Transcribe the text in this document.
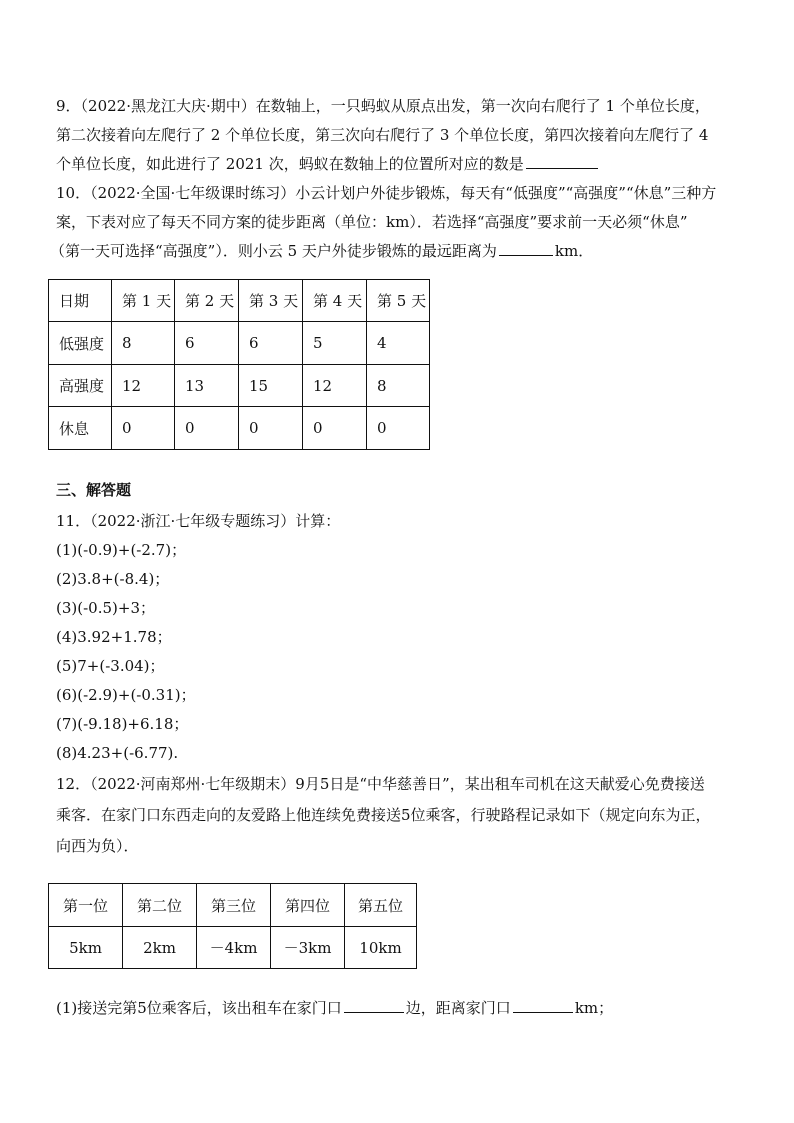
9．（2022·黑龙江大庆·期中）在数轴上，一只蚂蚁从原点出发，第一次向右爬行了 1 个单位长度，
第二次接着向左爬行了 2 个单位长度，第三次向右爬行了 3 个单位长度，第四次接着向左爬行了 4
个单位长度，如此进行了 2021 次，蚂蚁在数轴上的位置所对应的数是
10．（2022·全国·七年级课时练习）小云计划户外徒步锻炼，每天有“低强度”“高强度”“休息”三种方
案，下表对应了每天不同方案的徒步距离（单位：km）．若选择“高强度”要求前一天必须“休息”
（第一天可选择“高强度”）．则小云 5 天户外徒步锻炼的最远距离为	km．
日期	第 1 天	第 2 天	第 3 天	第 4 天	第 5 天
低强度	8	6	6	5	4
高强度	12	13	15	12	8
休息	0	0	0	0	0
三、解答题
11．（2022·浙江·七年级专题练习）计算：
(1)(-0.9)+(-2.7)；
(2)3.8+(-8.4)；
(3)(-0.5)+3；
(4)3.92+1.78；
(5)7+(-3.04)；
(6)(-2.9)+(-0.31)；
(7)(-9.18)+6.18；
(8)4.23+(-6.77).
12．（2022·河南郑州·七年级期末）9月5日是“中华慈善日”，某出租车司机在这天献爱心免费接送
乘客．在家门口东西走向的友爱路上他连续免费接送5位乘客，行驶路程记录如下（规定向东为正，
向西为负）．
第一位	第二位	第三位	第四位	第五位
5km	2km	－4km	－3km	10km
(1)接送完第5位乘客后，该出租车在家门口	边，距离家门口	km；
